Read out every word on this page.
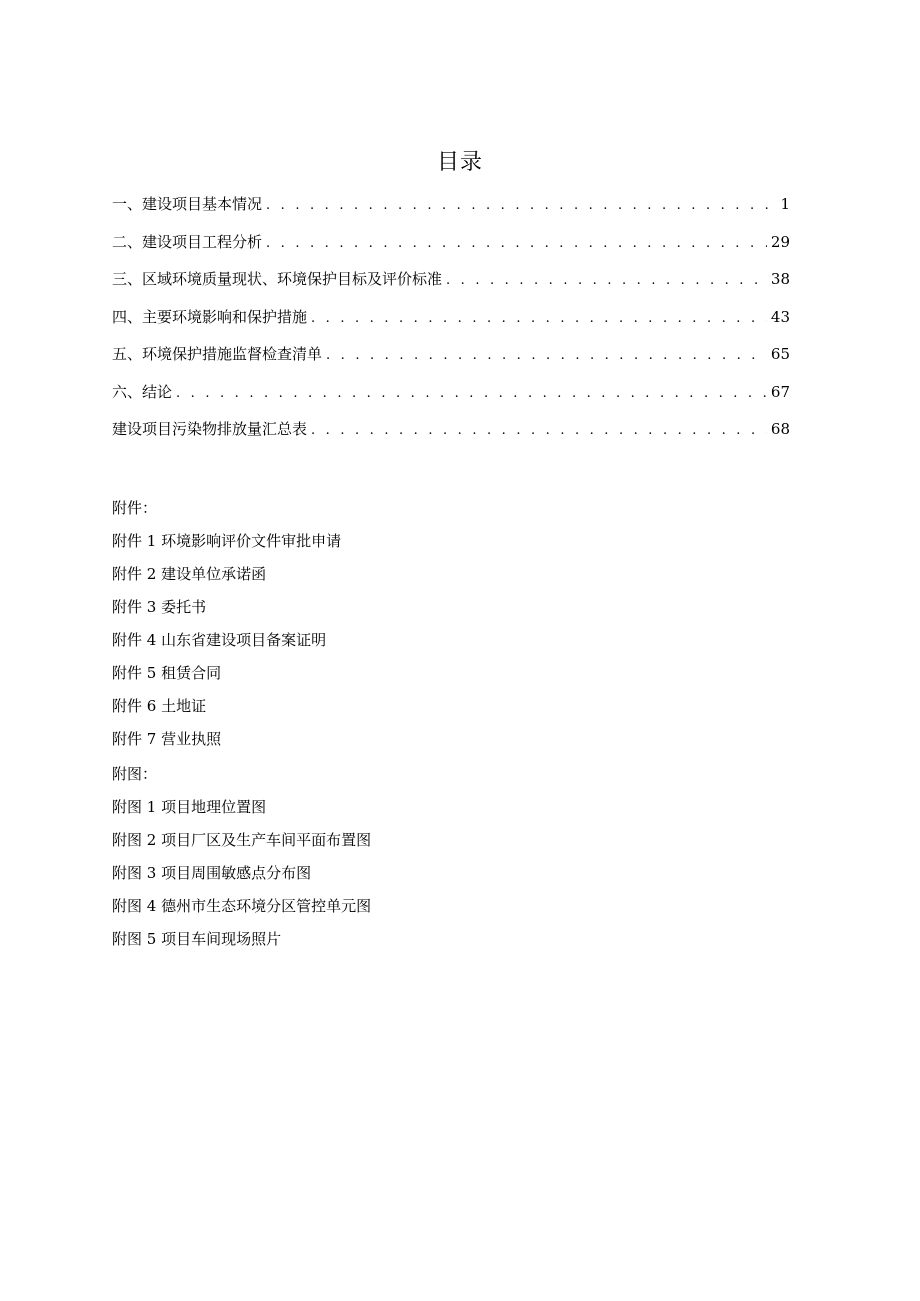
目录
一、建设项目基本情况 . . .	1
二、建设项目工程分析 . . .	29
三、区域环境质量现状、环境保护目标及评价标准 . . .	38
四、主要环境影响和保护措施 . . .	43
五、环境保护措施监督检查清单 . . .	65
六、结论 . . .	67
建设项目污染物排放量汇总表 . . .	68
附件：
附件 1 环境影响评价文件审批申请
附件 2 建设单位承诺函
附件 3 委托书
附件 4 山东省建设项目备案证明
附件 5 租赁合同
附件 6 土地证
附件 7 营业执照
附图：
附图 1 项目地理位置图
附图 2 项目厂区及生产车间平面布置图
附图 3 项目周围敏感点分布图
附图 4 德州市生态环境分区管控单元图
附图 5 项目车间现场照片
